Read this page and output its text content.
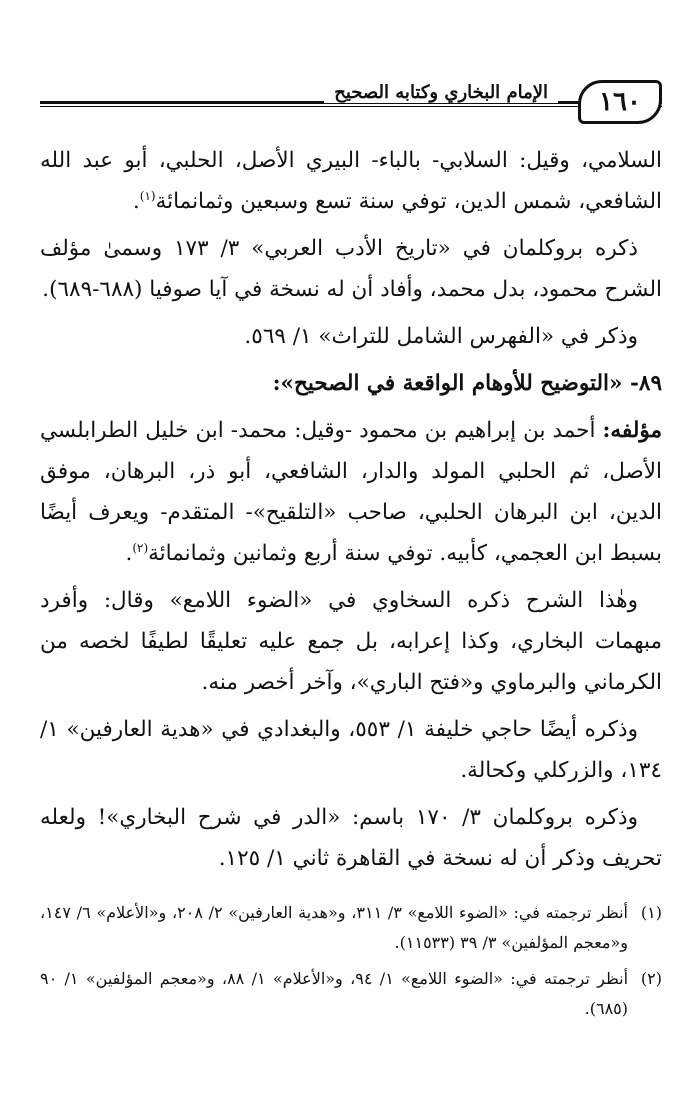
١٦٠
الإمام البخاري وكتابه الصحيح

السلامي، وقيل: السلابي- بالباء- البيري الأصل، الحلبي، أبو عبد الله الشافعي، شمس الدين، توفي سنة تسع وسبعين وثمانمائة$^{(١)}$.

ذكره بروكلمان في «تاريخ الأدب العربي» ٣/ ١٧٣ وسمىٰ مؤلف الشرح محمود، بدل محمد، وأفاد أن له نسخة في آيا صوفيا (٦٨٨-٦٨٩).

وذكر في «الفهرس الشامل للتراث» ١/ ٥٦٩.

٨٩- «التوضيح للأوهام الواقعة في الصحيح»:

مؤلفه: أحمد بن إبراهيم بن محمود -وقيل: محمد- ابن خليل الطرابلسي الأصل، ثم الحلبي المولد والدار، الشافعي، أبو ذر، البرهان، موفق الدين، ابن البرهان الحلبي، صاحب «التلقيح»- المتقدم- ويعرف أيضًا بسبط ابن العجمي، كأبيه. توفي سنة أربع وثمانين وثمانمائة$^{(٢)}$.

وهٰذا الشرح ذكره السخاوي في «الضوء اللامع» وقال: وأفرد مبهمات البخاري، وكذا إعرابه، بل جمع عليه تعليقًا لطيفًا لخصه من الكرماني والبرماوي و«فتح الباري»، وآخر أخصر منه.

وذكره أيضًا حاجي خليفة ١/ ٥٥٣، والبغدادي في «هدية العارفين» ١/ ١٣٤، والزركلي وكحالة.

وذكره بروكلمان ٣/ ١٧٠ باسم: «الدر في شرح البخاري»! ولعله تحريف وذكر أن له نسخة في القاهرة ثاني ١/ ١٢٥.

(١)
أنظر ترجمته في: «الضوء اللامع» ٣/ ٣١١، و«هدية العارفين» ٢/ ٢٠٨، و«الأعلام» ٦/ ١٤٧، و«معجم المؤلفين» ٣/ ٣٩ (١١٥٣٣).
(٢)
أنظر ترجمته في: «الضوء اللامع» ١/ ٩٤، و«الأعلام» ١/ ٨٨، و«معجم المؤلفين» ١/ ٩٠ (٦٨٥).
